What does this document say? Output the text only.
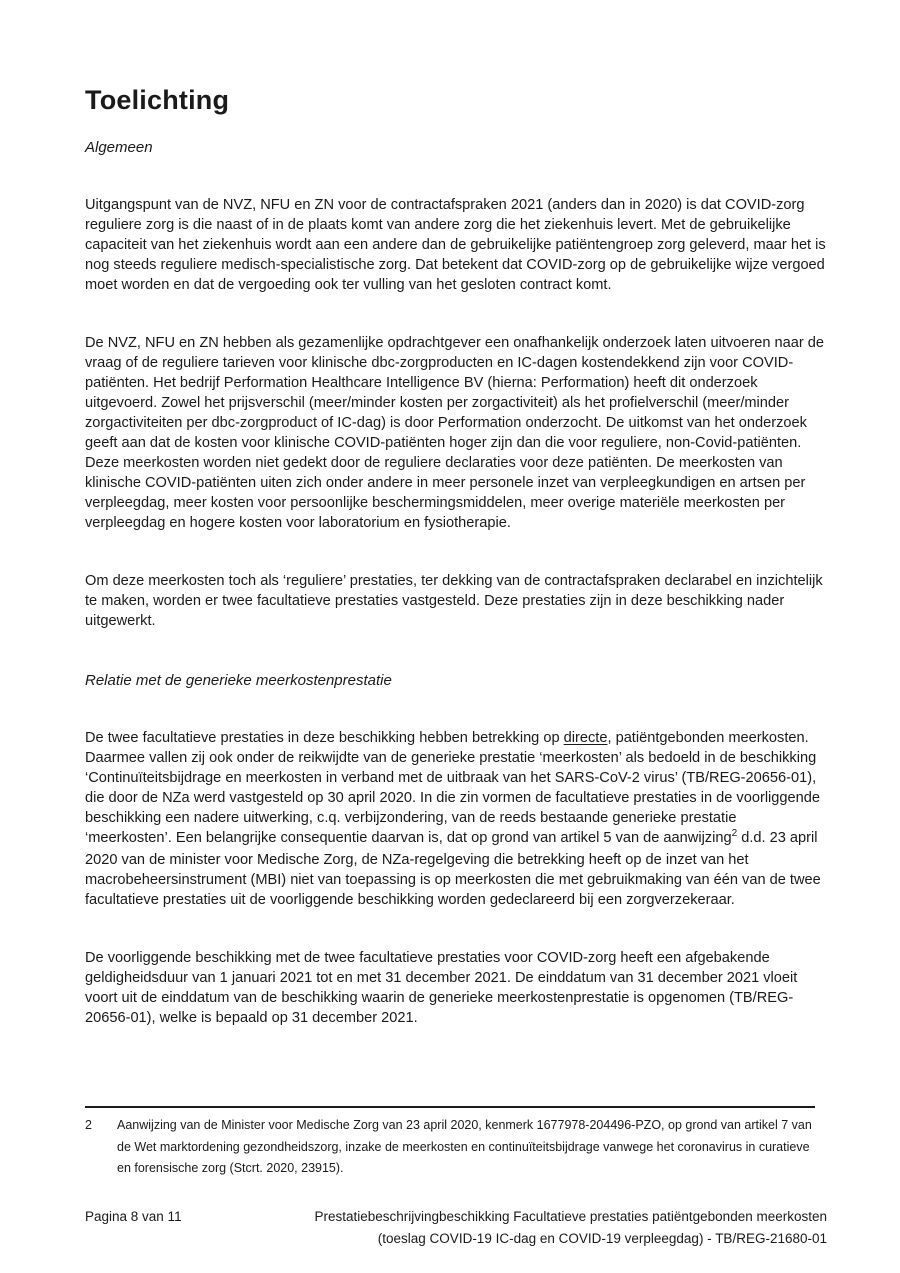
Toelichting
Algemeen

Uitgangspunt van de NVZ, NFU en ZN voor de contractafspraken 2021 (anders dan in 2020) is dat COVID-zorg reguliere zorg is die naast of in de plaats komt van andere zorg die het ziekenhuis levert. Met de gebruikelijke capaciteit van het ziekenhuis wordt aan een andere dan de gebruikelijke patiëntengroep zorg geleverd, maar het is nog steeds reguliere medisch-specialistische zorg. Dat betekent dat COVID-zorg op de gebruikelijke wijze vergoed moet worden en dat de vergoeding ook ter vulling van het gesloten contract komt.

De NVZ, NFU en ZN hebben als gezamenlijke opdrachtgever een onafhankelijk onderzoek laten uitvoeren naar de vraag of de reguliere tarieven voor klinische dbc-zorgproducten en IC-dagen kostendekkend zijn voor COVID-patiënten. Het bedrijf Performation Healthcare Intelligence BV (hierna: Performation) heeft dit onderzoek uitgevoerd. Zowel het prijsverschil (meer/minder kosten per zorgactiviteit) als het profielverschil (meer/minder zorgactiviteiten per dbc-zorgproduct of IC-dag) is door Performation onderzocht. De uitkomst van het onderzoek geeft aan dat de kosten voor klinische COVID-patiënten hoger zijn dan die voor reguliere, non-Covid-patiënten. Deze meerkosten worden niet gedekt door de reguliere declaraties voor deze patiënten. De meerkosten van klinische COVID-patiënten uiten zich onder andere in meer personele inzet van verpleegkundigen en artsen per verpleegdag, meer kosten voor persoonlijke beschermingsmiddelen, meer overige materiële meerkosten per verpleegdag en hogere kosten voor laboratorium en fysiotherapie.

Om deze meerkosten toch als ‘reguliere’ prestaties, ter dekking van de contractafspraken declarabel en inzichtelijk te maken, worden er twee facultatieve prestaties vastgesteld. Deze prestaties zijn in deze beschikking nader uitgewerkt.

Relatie met de generieke meerkostenprestatie

De twee facultatieve prestaties in deze beschikking hebben betrekking op directe, patiëntgebonden meerkosten. Daarmee vallen zij ook onder de reikwijdte van de generieke prestatie ‘meerkosten’ als bedoeld in de beschikking ‘Continuïteitsbijdrage en meerkosten in verband met de uitbraak van het SARS-CoV-2 virus’ (TB/REG-20656-01), die door de NZa werd vastgesteld op 30 april 2020. In die zin vormen de facultatieve prestaties in de voorliggende beschikking een nadere uitwerking, c.q. verbijzondering, van de reeds bestaande generieke prestatie ‘meerkosten’. Een belangrijke consequentie daarvan is, dat op grond van artikel 5 van de aanwijzing$^2$ d.d. 23 april 2020 van de minister voor Medische Zorg, de NZa-regelgeving die betrekking heeft op de inzet van het macrobeheersinstrument (MBI) niet van toepassing is op meerkosten die met gebruikmaking van één van de twee facultatieve prestaties uit de voorliggende beschikking worden gedeclareerd bij een zorgverzekeraar.

De voorliggende beschikking met de twee facultatieve prestaties voor COVID-zorg heeft een afgebakende geldigheidsduur van 1 januari 2021 tot en met 31 december 2021. De einddatum van 31 december 2021 vloeit voort uit de einddatum van de beschikking waarin de generieke meerkostenprestatie is opgenomen (TB/REG-20656-01), welke is bepaald op 31 december 2021.

2	Aanwijzing van de Minister voor Medische Zorg van 23 april 2020, kenmerk 1677978-204496-PZO, op grond van artikel 7 van de Wet marktordening gezondheidszorg, inzake de meerkosten en continuïteitsbijdrage vanwege het coronavirus in curatieve en forensische zorg (Stcrt. 2020, 23915).
Pagina 8 van 11	Prestatiebeschrijvingbeschikking Facultatieve prestaties patiëntgebonden meerkosten
(toeslag COVID-19 IC-dag en COVID-19 verpleegdag) - TB/REG-21680-01
